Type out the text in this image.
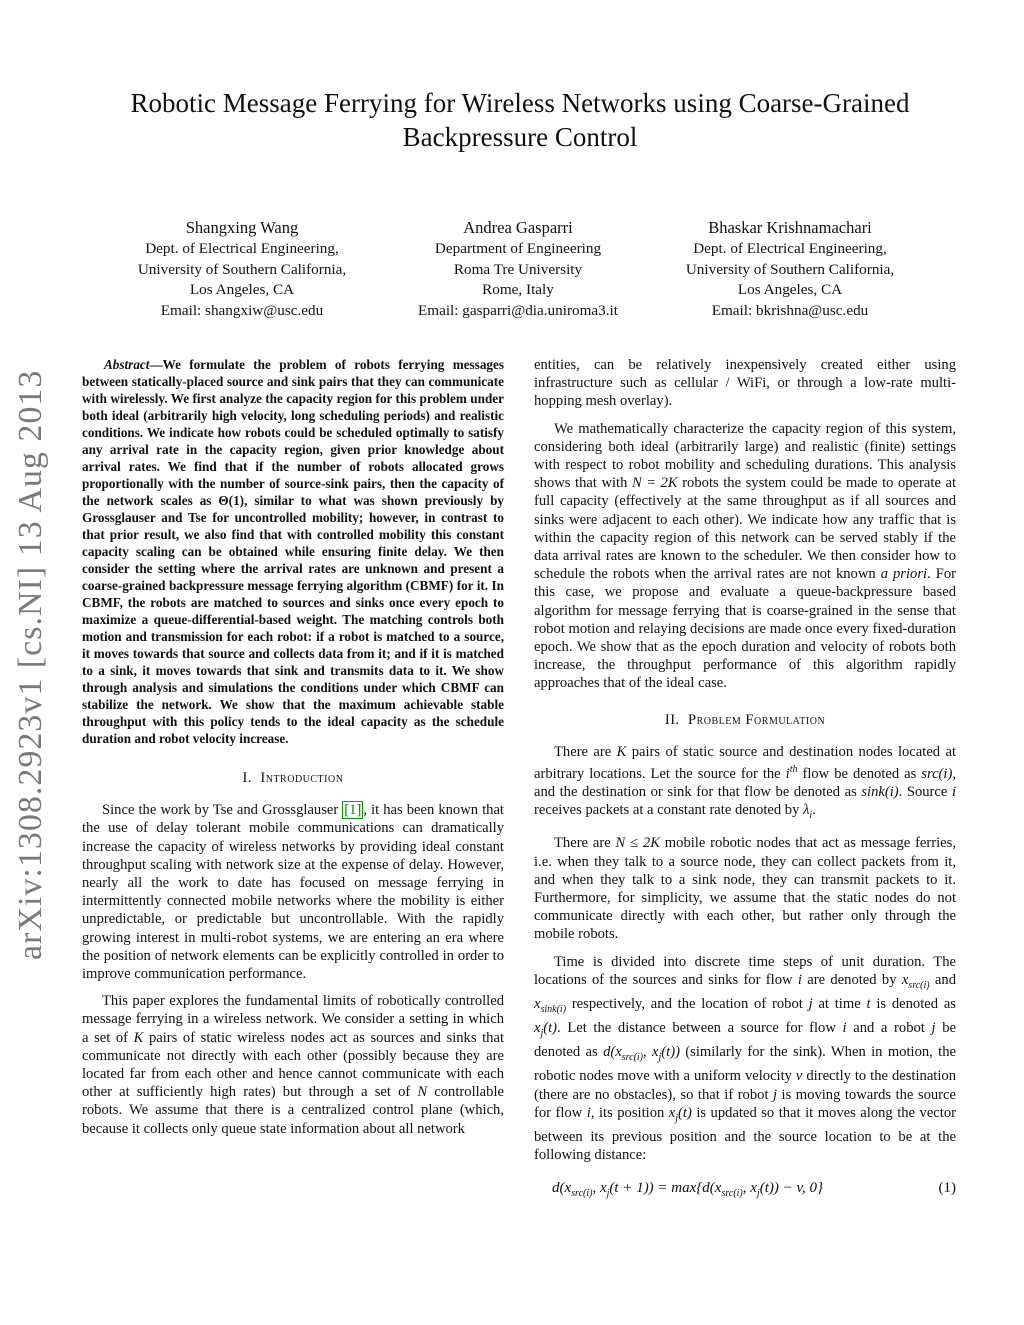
Robotic Message Ferrying for Wireless Networks using Coarse-Grained Backpressure Control
Shangxing Wang
Dept. of Electrical Engineering,
University of Southern California,
Los Angeles, CA
Email: shangxiw@usc.edu
Andrea Gasparri
Department of Engineering
Roma Tre University
Rome, Italy
Email: gasparri@dia.uniroma3.it
Bhaskar Krishnamachari
Dept. of Electrical Engineering,
University of Southern California,
Los Angeles, CA
Email: bkrishna@usc.edu
arXiv:1308.2923v1 [cs.NI] 13 Aug 2013

Abstract—We formulate the problem of robots ferrying messages between statically-placed source and sink pairs that they can communicate with wirelessly. We first analyze the capacity region for this problem under both ideal (arbitrarily high velocity, long scheduling periods) and realistic conditions. We indicate how robots could be scheduled optimally to satisfy any arrival rate in the capacity region, given prior knowledge about arrival rates. We find that if the number of robots allocated grows proportionally with the number of source-sink pairs, then the capacity of the network scales as Θ(1), similar to what was shown previously by Grossglauser and Tse for uncontrolled mobility; however, in contrast to that prior result, we also find that with controlled mobility this constant capacity scaling can be obtained while ensuring finite delay. We then consider the setting where the arrival rates are unknown and present a coarse-grained backpressure message ferrying algorithm (CBMF) for it. In CBMF, the robots are matched to sources and sinks once every epoch to maximize a queue-differential-based weight. The matching controls both motion and transmission for each robot: if a robot is matched to a source, it moves towards that source and collects data from it; and if it is matched to a sink, it moves towards that sink and transmits data to it. We show through analysis and simulations the conditions under which CBMF can stabilize the network. We show that the maximum achievable stable throughput with this policy tends to the ideal capacity as the schedule duration and robot velocity increase.

I. Introduction

Since the work by Tse and Grossglauser [1] , it has been known that the use of delay tolerant mobile communications can dramatically increase the capacity of wireless networks by providing ideal constant throughput scaling with network size at the expense of delay. However, nearly all the work to date has focused on message ferrying in intermittently connected mobile networks where the mobility is either unpredictable, or predictable but uncontrollable. With the rapidly growing interest in multi-robot systems, we are entering an era where the position of network elements can be explicitly controlled in order to improve communication performance.

This paper explores the fundamental limits of robotically controlled message ferrying in a wireless network. We consider a setting in which a set of K pairs of static wireless nodes act as sources and sinks that communicate not directly with each other (possibly because they are located far from each other and hence cannot communicate with each other at sufficiently high rates) but through a set of N controllable robots. We assume that there is a centralized control plane (which, because it collects only queue state information about all network

entities, can be relatively inexpensively created either using infrastructure such as cellular / WiFi, or through a low-rate multi-hopping mesh overlay).

We mathematically characterize the capacity region of this system, considering both ideal (arbitrarily large) and realistic (finite) settings with respect to robot mobility and scheduling durations. This analysis shows that with N = 2K robots the system could be made to operate at full capacity (effectively at the same throughput as if all sources and sinks were adjacent to each other). We indicate how any traffic that is within the capacity region of this network can be served stably if the data arrival rates are known to the scheduler. We then consider how to schedule the robots when the arrival rates are not known a priori. For this case, we propose and evaluate a queue-backpressure based algorithm for message ferrying that is coarse-grained in the sense that robot motion and relaying decisions are made once every fixed-duration epoch. We show that as the epoch duration and velocity of robots both increase, the throughput performance of this algorithm rapidly approaches that of the ideal case.

II. Problem Formulation

There are K pairs of static source and destination nodes located at arbitrary locations. Let the source for the $i^{th}$ flow be denoted as src(i), and the destination or sink for that flow be denoted as sink(i). Source i receives packets at a constant rate denoted by $\lambda_i$.

There are N ≤ 2K mobile robotic nodes that act as message ferries, i.e. when they talk to a source node, they can collect packets from it, and when they talk to a sink node, they can transmit packets to it. Furthermore, for simplicity, we assume that the static nodes do not communicate directly with each other, but rather only through the mobile robots.

Time is divided into discrete time steps of unit duration. The locations of the sources and sinks for flow i are denoted by $x_{src(i)}$ and $x_{sink(i)}$ respectively, and the location of robot j at time t is denoted as $x_j(t)$. Let the distance between a source for flow i and a robot j be denoted as $d(x_{src(i)}$, $x_j(t)$) (similarly for the sink). When in motion, the robotic nodes move with a uniform velocity v directly to the destination (there are no obstacles), so that if robot j is moving towards the source for flow i, its position $x_j(t)$ is updated so that it moves along the vector between its previous position and the source location to be at the following distance:

$d(x_{src(i)}$, $x_j(t + 1)) = \max\{d(x_{src(i)}$, $x_j(t)) - v$, 0}	(1)
